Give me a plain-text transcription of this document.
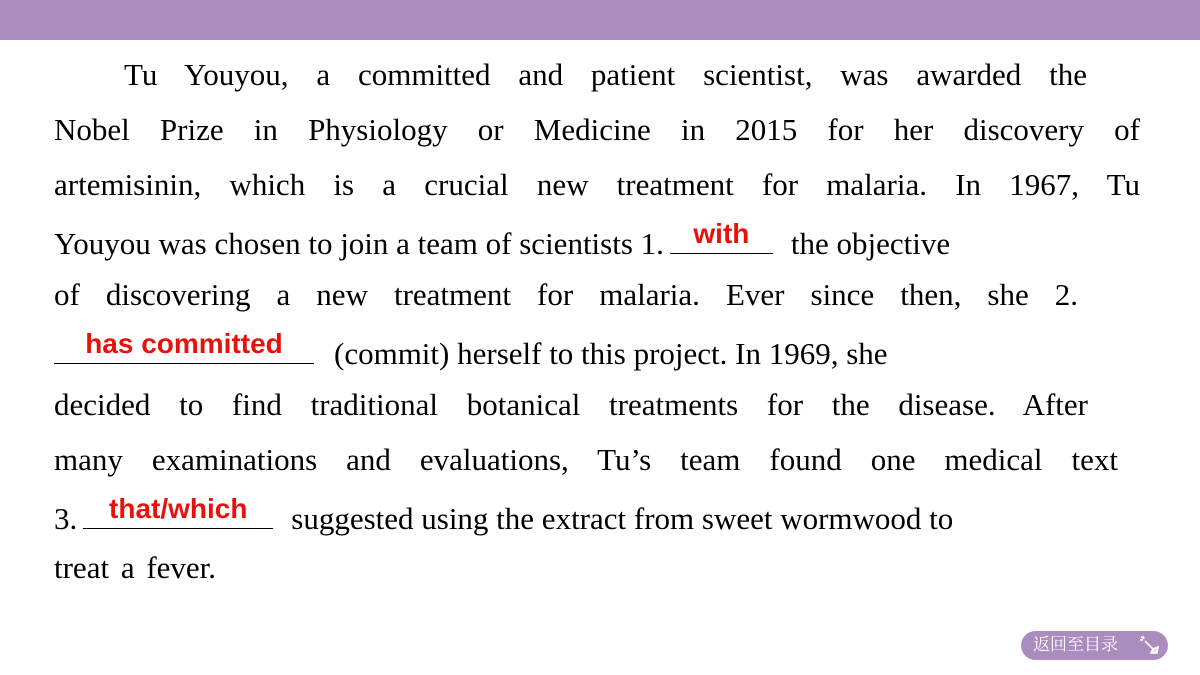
Tu Youyou, a committed and patient scientist, was awarded the
Nobel Prize in Physiology or Medicine in 2015 for her discovery of
artemisinin, which is a crucial new treatment for malaria. In 1967, Tu
Youyou was chosen to join a team of scientists 1.	with	the objective
of discovering a new treatment for malaria. Ever since then, she 2.
has committed	(commit) herself to this project. In 1969, she
decided to find traditional botanical treatments for the disease. After
many examinations and evaluations, Tu’s team found one medical text
3.	that/which	suggested using the extract from sweet wormwood to
treat a fever.
返回至目录
